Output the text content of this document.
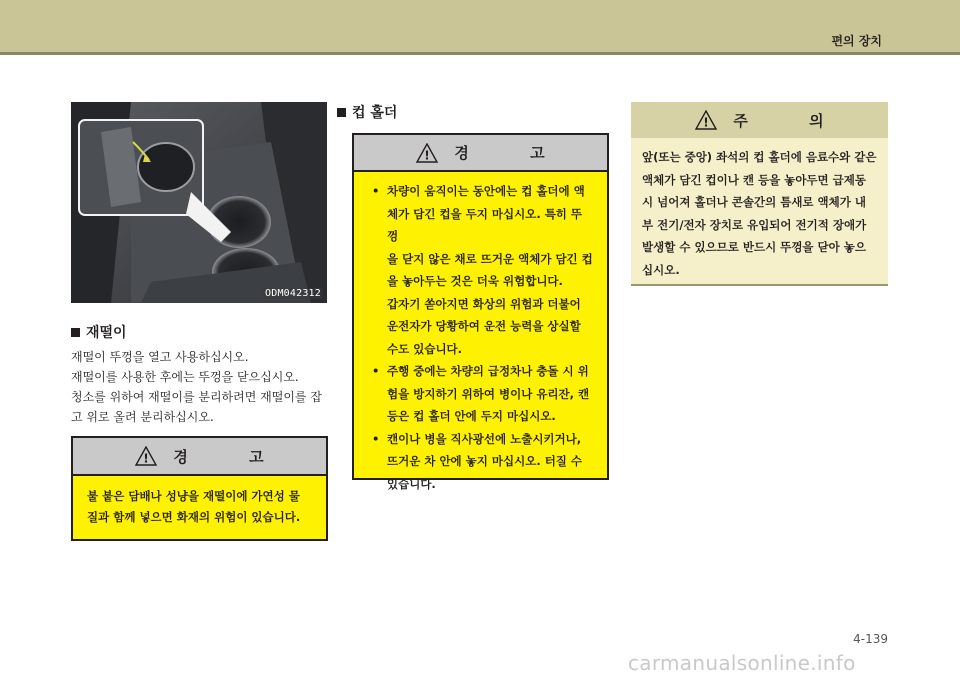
편의 장치
ODM042312
재떨이

재떨이 뚜껑을 열고 사용하십시오.

재떨이를 사용한 후에는 뚜껑을 닫으십시오.

청소를 위하여 재떨이를 분리하려면 재떨이를 잡

고 위로 올려 분리하십시오.

! 경 고
불 붙은 담배나 성냥을 재떨이에 가연성 물
질과 함께 넣으면 화재의 위험이 있습니다.
컵 홀더
! 경 고
• 차량이 움직이는 동안에는 컵 홀더에 액
체가 담긴 컵을 두지 마십시오. 특히 뚜껑
을 닫지 않은 채로 뜨거운 액체가 담긴 컵
을 놓아두는 것은 더욱 위험합니다.
갑자기 쏟아지면 화상의 위험과 더불어
운전자가 당황하여 운전 능력을 상실할
수도 있습니다.
• 주행 중에는 차량의 급정차나 충돌 시 위
험을 방지하기 위하여 병이나 유리잔, 캔
등은 컵 홀더 안에 두지 마십시오.
• 캔이나 병을 직사광선에 노출시키거나,
뜨거운 차 안에 놓지 마십시오. 터질 수
있습니다.
! 주 의
앞(또는 중앙) 좌석의 컵 홀더에 음료수와 같은
액체가 담긴 컵이나 캔 등을 놓아두면 급제동
시 넘어져 홀더나 콘솔간의 틈새로 액체가 내
부 전기/전자 장치로 유입되어 전기적 장애가
발생할 수 있으므로 반드시 뚜껑을 닫아 놓으
십시오.
4-139
carmanualsonline.info
